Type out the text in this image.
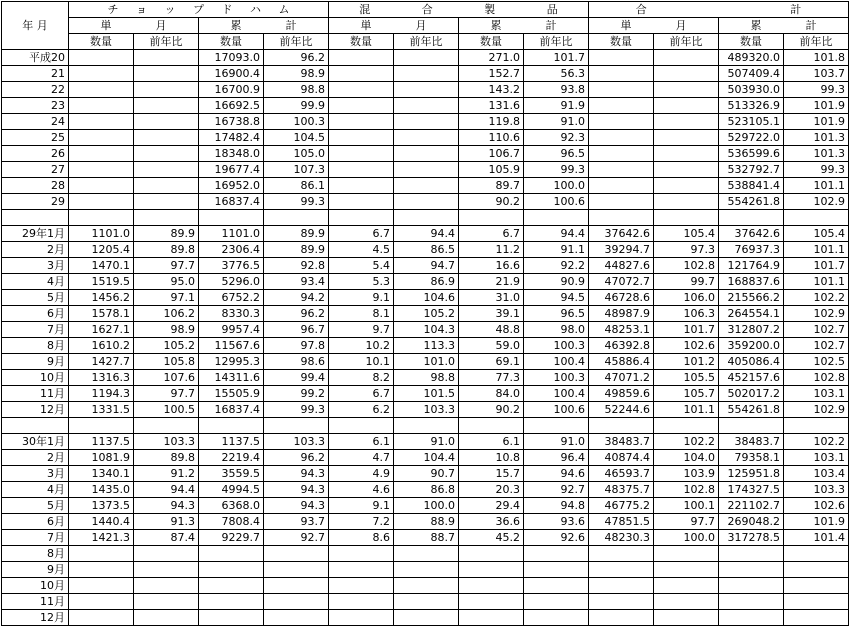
年 月	チ ョ ッ プ ド ハ ム				混 合 製 品				合 計			
	単　　　　月		累　　　　計		単　　　　月		累　　　　計		単　　　　月		累　　　　計	
	数量	前年比	数量	前年比	数量	前年比	数量	前年比	数量	前年比	数量	前年比
平成20			17093.0	96.2			271.0	101.7			489320.0	101.8
21			16900.4	98.9			152.7	56.3			507409.4	103.7
22			16700.9	98.8			143.2	93.8			503930.0	99.3
23			16692.5	99.9			131.6	91.9			513326.9	101.9
24			16738.8	100.3			119.8	91.0			523105.1	101.9
25			17482.4	104.5			110.6	92.3			529722.0	101.3
26			18348.0	105.0			106.7	96.5			536599.6	101.3
27			19677.4	107.3			105.9	99.3			532792.7	99.3
28			16952.0	86.1			89.7	100.0			538841.4	101.1
29			16837.4	99.3			90.2	100.6			554261.8	102.9

29年1月	1101.0	89.9	1101.0	89.9	6.7	94.4	6.7	94.4	37642.6	105.4	37642.6	105.4
2月	1205.4	89.8	2306.4	89.9	4.5	86.5	11.2	91.1	39294.7	97.3	76937.3	101.1
3月	1470.1	97.7	3776.5	92.8	5.4	94.7	16.6	92.2	44827.6	102.8	121764.9	101.7
4月	1519.5	95.0	5296.0	93.4	5.3	86.9	21.9	90.9	47072.7	99.7	168837.6	101.1
5月	1456.2	97.1	6752.2	94.2	9.1	104.6	31.0	94.5	46728.6	106.0	215566.2	102.2
6月	1578.1	106.2	8330.3	96.2	8.1	105.2	39.1	96.5	48987.9	106.3	264554.1	102.9
7月	1627.1	98.9	9957.4	96.7	9.7	104.3	48.8	98.0	48253.1	101.7	312807.2	102.7
8月	1610.2	105.2	11567.6	97.8	10.2	113.3	59.0	100.3	46392.8	102.6	359200.0	102.7
9月	1427.7	105.8	12995.3	98.6	10.1	101.0	69.1	100.4	45886.4	101.2	405086.4	102.5
10月	1316.3	107.6	14311.6	99.4	8.2	98.8	77.3	100.3	47071.2	105.5	452157.6	102.8
11月	1194.3	97.7	15505.9	99.2	6.7	101.5	84.0	100.4	49859.6	105.7	502017.2	103.1
12月	1331.5	100.5	16837.4	99.3	6.2	103.3	90.2	100.6	52244.6	101.1	554261.8	102.9

30年1月	1137.5	103.3	1137.5	103.3	6.1	91.0	6.1	91.0	38483.7	102.2	38483.7	102.2
2月	1081.9	89.8	2219.4	96.2	4.7	104.4	10.8	96.4	40874.4	104.0	79358.1	103.1
3月	1340.1	91.2	3559.5	94.3	4.9	90.7	15.7	94.6	46593.7	103.9	125951.8	103.4
4月	1435.0	94.4	4994.5	94.3	4.6	86.8	20.3	92.7	48375.7	102.8	174327.5	103.3
5月	1373.5	94.3	6368.0	94.3	9.1	100.0	29.4	94.8	46775.2	100.1	221102.7	102.6
6月	1440.4	91.3	7808.4	93.7	7.2	88.9	36.6	93.6	47851.5	97.7	269048.2	101.9
7月	1421.3	87.4	9229.7	92.7	8.6	88.7	45.2	92.6	48230.3	100.0	317278.5	101.4
8月												
9月												
10月												
11月												
12月												
